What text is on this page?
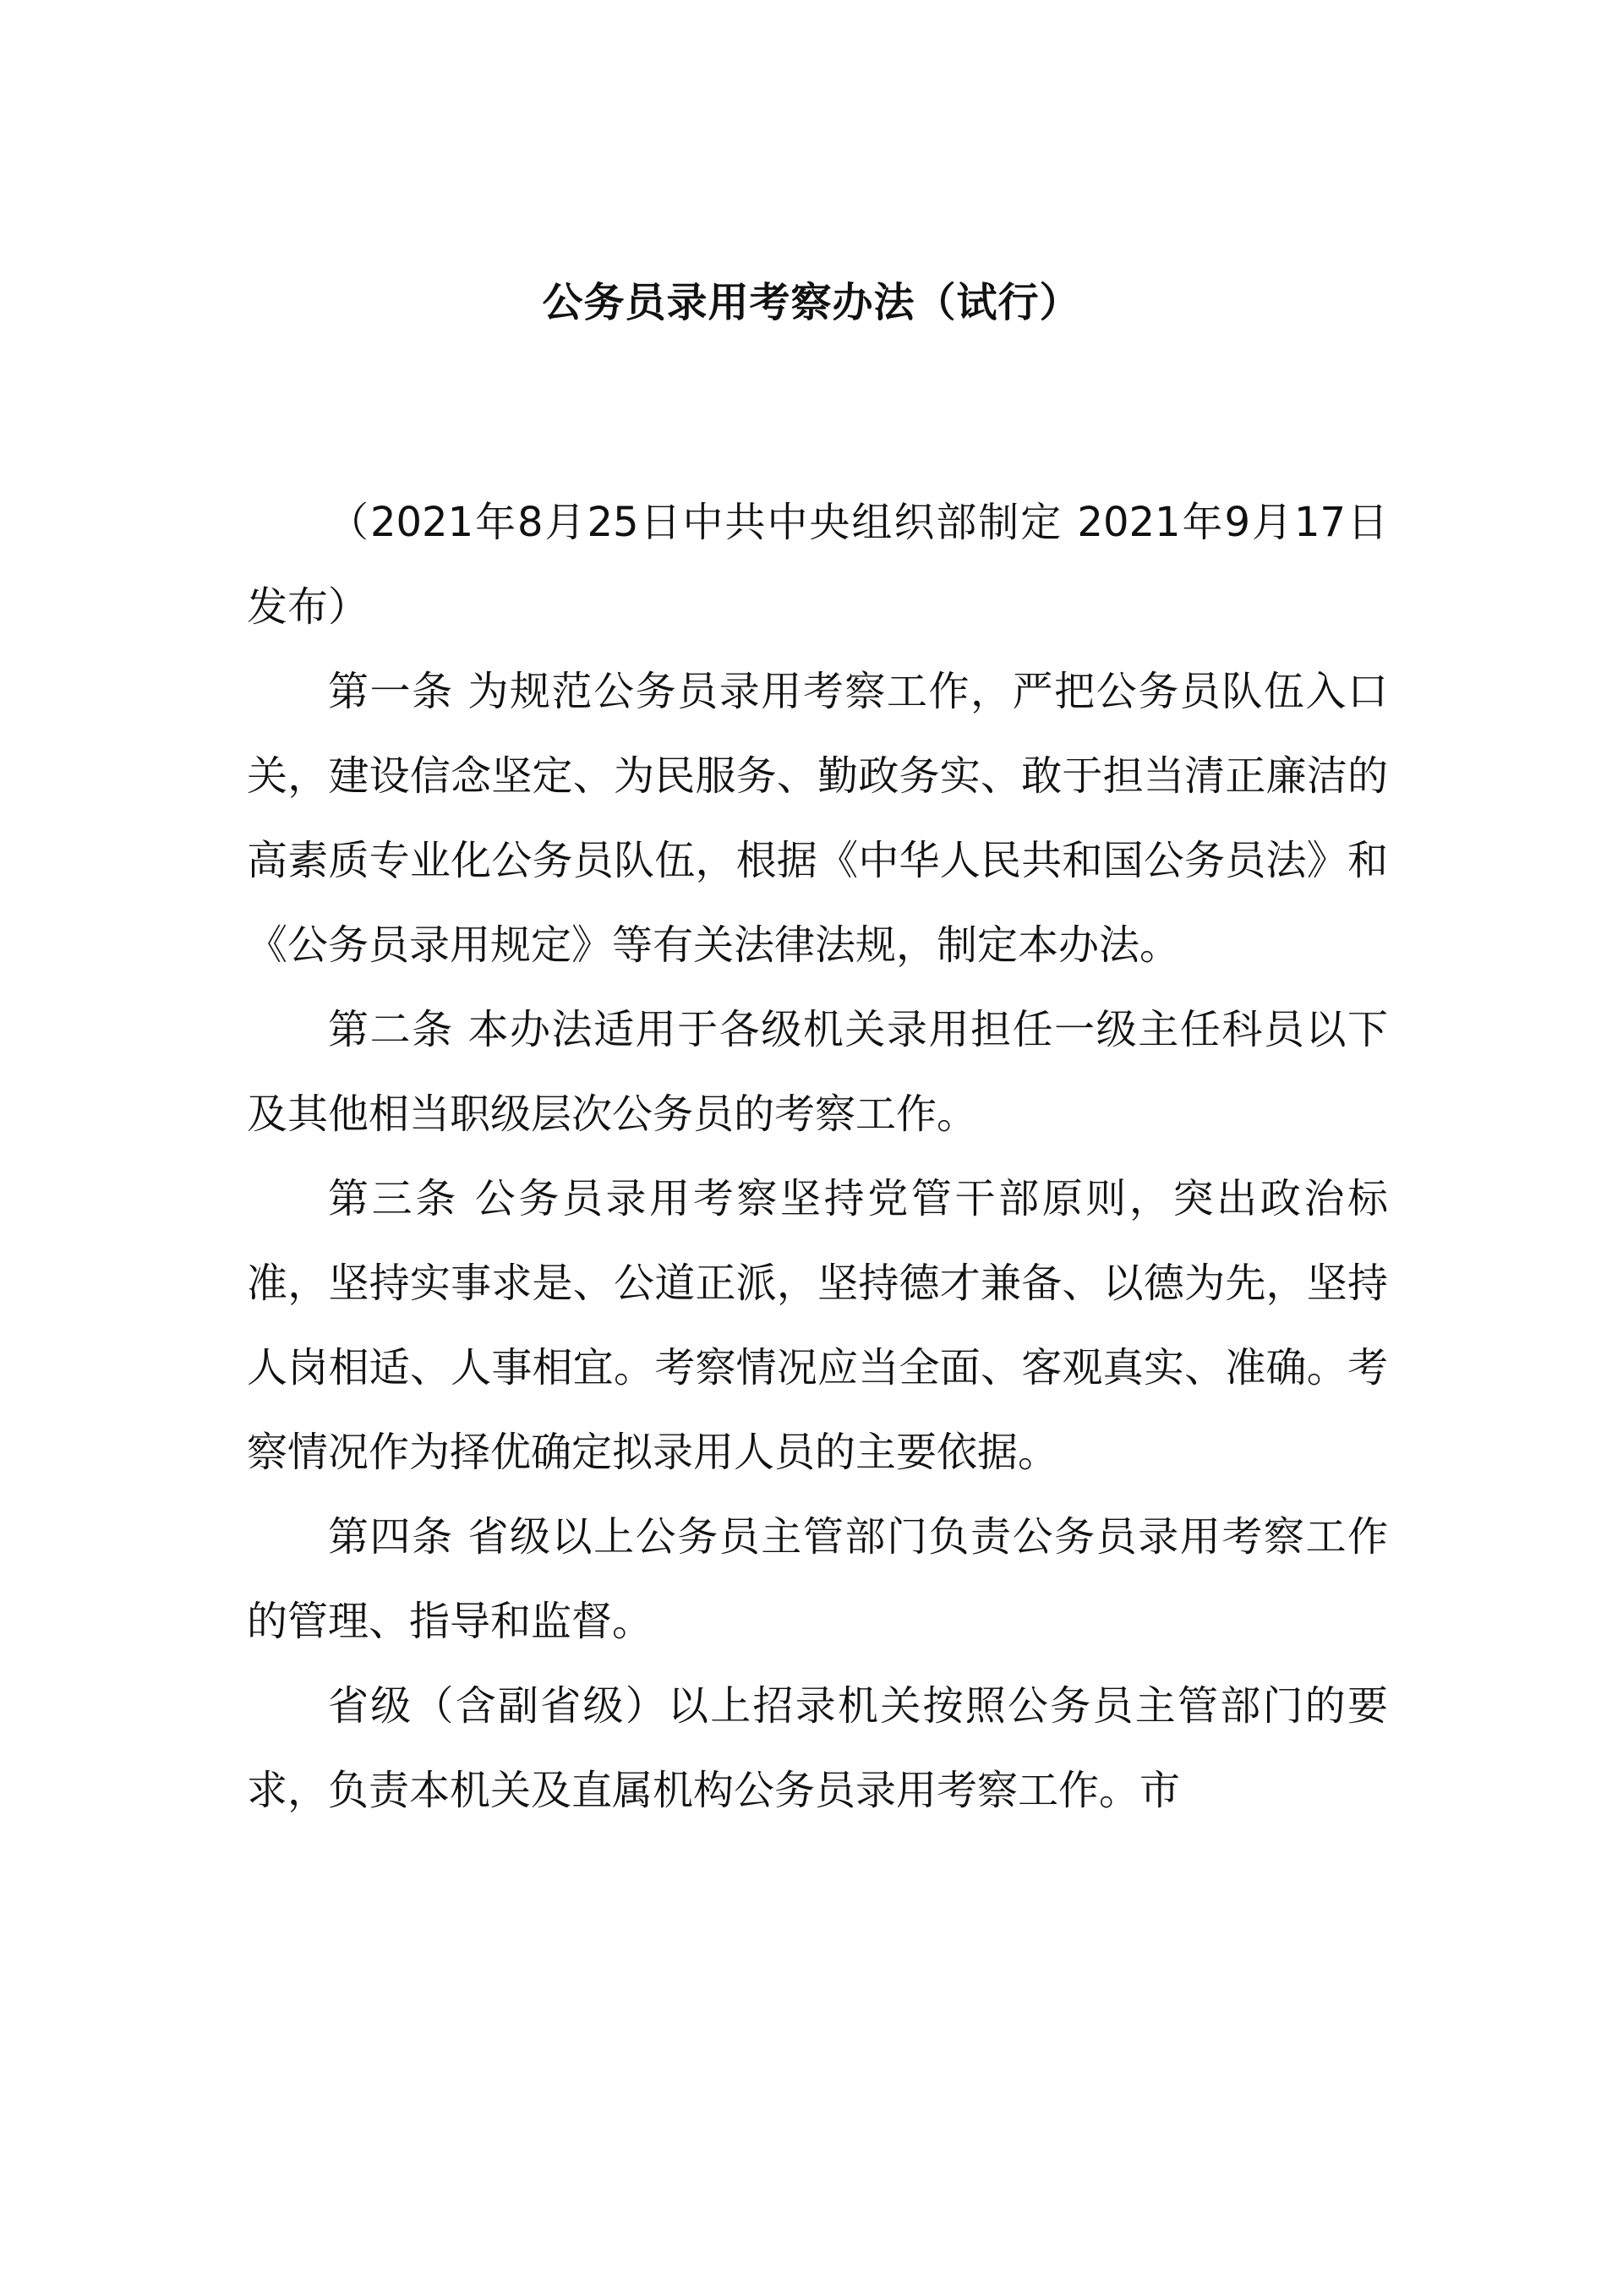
公务员录用考察办法（试行）

（2021年8月25日中共中央组织部制定 2021年9月17日发布）

第一条 为规范公务员录用考察工作，严把公务员队伍入口关，建设信念坚定、为民服务、勤政务实、敢于担当清正廉洁的高素质专业化公务员队伍，根据《中华人民共和国公务员法》和《公务员录用规定》等有关法律法规，制定本办法。

第二条 本办法适用于各级机关录用担任一级主任科员以下及其他相当职级层次公务员的考察工作。

第三条 公务员录用考察坚持党管干部原则，突出政治标准，坚持实事求是、公道正派，坚持德才兼备、以德为先，坚持人岗相适、人事相宜。考察情况应当全面、客观真实、准确。考察情况作为择优确定拟录用人员的主要依据。

第四条 省级以上公务员主管部门负责公务员录用考察工作的管理、指导和监督。

省级（含副省级）以上招录机关按照公务员主管部门的要求，负责本机关及直属机构公务员录用考察工作。市
